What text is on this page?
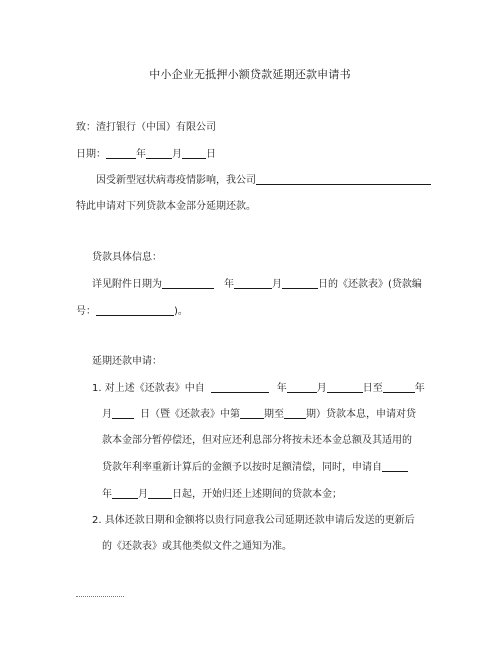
中小企业无抵押小额贷款延期还款申请书
致：渣打银行（中国）有限公司
日期：	年	月 日
因受新型冠状病毒疫情影响，我公司
特此申请对下列贷款本金部分延期还款。
贷款具体信息：
详见附件日期为	年	月	日的《还款表》(贷款编
号：	)。
延期还款申请：
1. 对上述《还款表》中自	年	月	日至	年
月	日（暨《还款表》中第 期至 期）贷款本息，申请对贷
款本金部分暂停偿还，但对应还利息部分将按未还本金总额及其适用的
贷款年利率重新计算后的金额予以按时足额清偿，同时，申请自
年	月 日起，开始归还上述期间的贷款本金；
2. 具体还款日期和金额将以贵行同意我公司延期还款申请后发送的更新后
的《还款表》或其他类似文件之通知为准。
